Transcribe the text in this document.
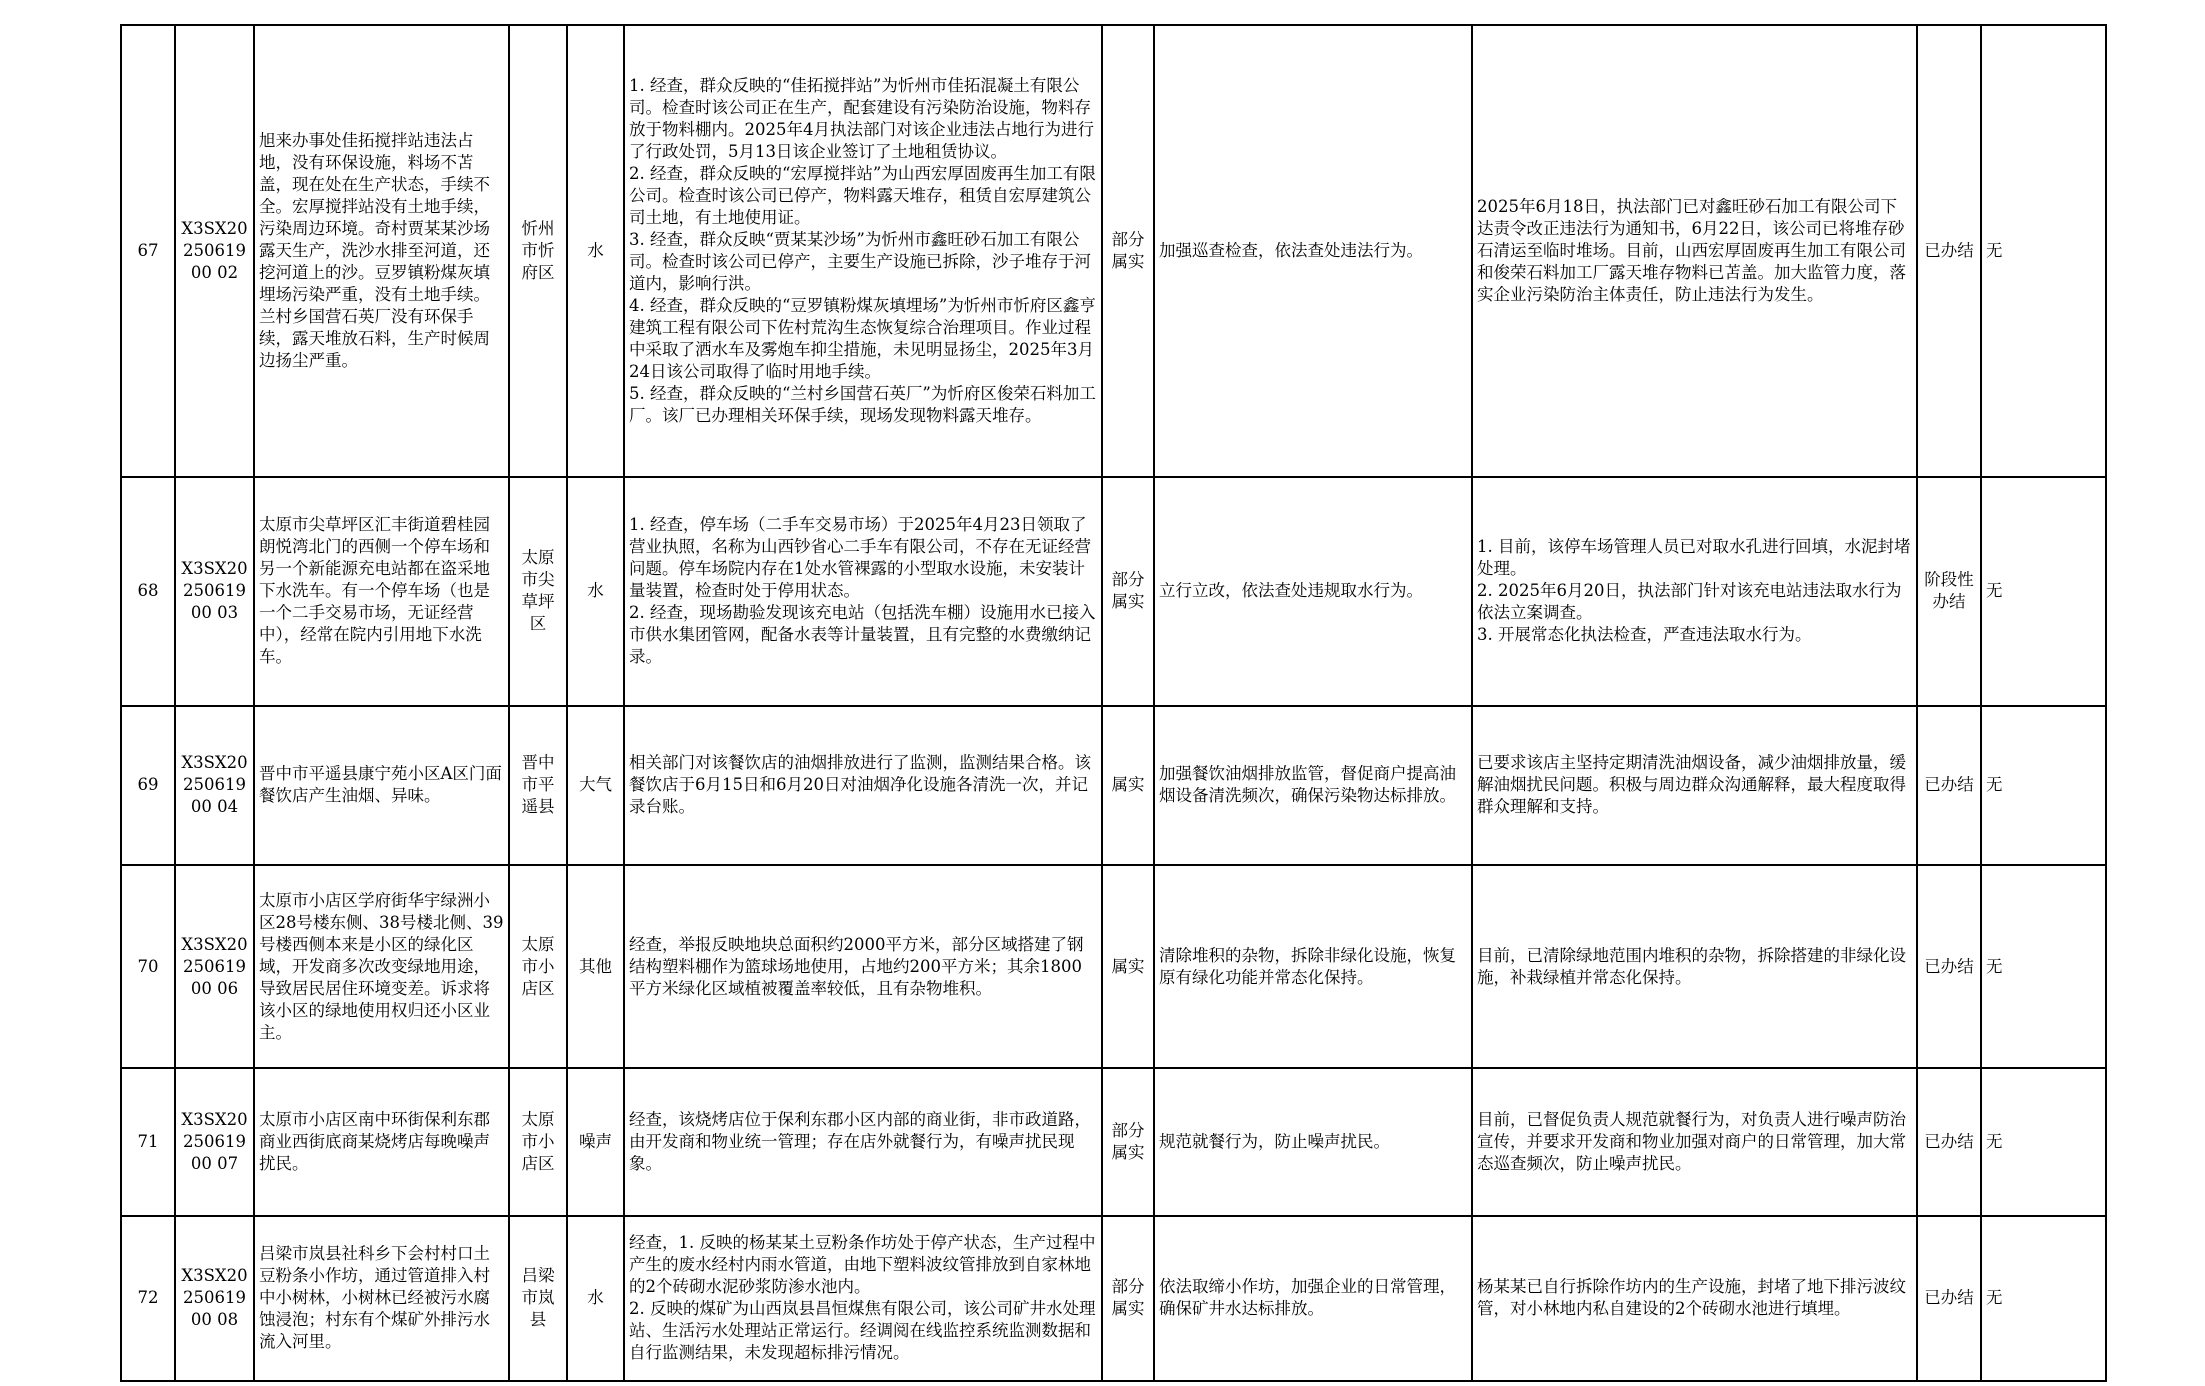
67	X3SX2025061900 02	旭来办事处佳拓搅拌站违法占地，没有环保设施，料场不苫盖，现在处在生产状态，手续不全。宏厚搅拌站没有土地手续，污染周边环境。奇村贾某某沙场露天生产，洗沙水排至河道，还挖河道上的沙。豆罗镇粉煤灰填埋场污染严重，没有土地手续。兰村乡国营石英厂没有环保手续，露天堆放石料，生产时候周边扬尘严重。	忻州市忻府区	水	1. 经查，群众反映的“佳拓搅拌站”为忻州市佳拓混凝土有限公司。检查时该公司正在生产，配套建设有污染防治设施，物料存放于物料棚内。2025年4月执法部门对该企业违法占地行为进行了行政处罚，5月13日该企业签订了土地租赁协议。
2. 经查，群众反映的“宏厚搅拌站”为山西宏厚固废再生加工有限公司。检查时该公司已停产，物料露天堆存，租赁自宏厚建筑公司土地，有土地使用证。
3. 经查，群众反映“贾某某沙场”为忻州市鑫旺砂石加工有限公司。检查时该公司已停产，主要生产设施已拆除，沙子堆存于河道内，影响行洪。
4. 经查，群众反映的“豆罗镇粉煤灰填埋场”为忻州市忻府区鑫亨建筑工程有限公司下佐村荒沟生态恢复综合治理项目。作业过程中采取了洒水车及雾炮车抑尘措施，未见明显扬尘，2025年3月24日该公司取得了临时用地手续。
5. 经查，群众反映的“兰村乡国营石英厂”为忻府区俊荣石料加工厂。该厂已办理相关环保手续，现场发现物料露天堆存。	部分属实	加强巡查检查，依法查处违法行为。	2025年6月18日，执法部门已对鑫旺砂石加工有限公司下达责令改正违法行为通知书，6月22日，该公司已将堆存砂石清运至临时堆场。目前，山西宏厚固废再生加工有限公司和俊荣石料加工厂露天堆存物料已苫盖。加大监管力度，落实企业污染防治主体责任，防止违法行为发生。	已办结	无
68	X3SX2025061900 03	太原市尖草坪区汇丰街道碧桂园朗悦湾北门的西侧一个停车场和另一个新能源充电站都在盗采地下水洗车。有一个停车场（也是一个二手交易市场，无证经营中），经常在院内引用地下水洗车。	太原市尖草坪区	水	1. 经查，停车场（二手车交易市场）于2025年4月23日领取了营业执照，名称为山西钞省心二手车有限公司，不存在无证经营问题。停车场院内存在1处水管裸露的小型取水设施，未安装计量装置，检查时处于停用状态。
2. 经查，现场勘验发现该充电站（包括洗车棚）设施用水已接入市供水集团管网，配备水表等计量装置，且有完整的水费缴纳记录。	部分属实	立行立改，依法查处违规取水行为。	1. 目前，该停车场管理人员已对取水孔进行回填，水泥封堵处理。
2. 2025年6月20日，执法部门针对该充电站违法取水行为依法立案调查。
3. 开展常态化执法检查，严查违法取水行为。	阶段性办结	无
69	X3SX2025061900 04	晋中市平遥县康宁苑小区A区门面餐饮店产生油烟、异味。	晋中市平遥县	大气	相关部门对该餐饮店的油烟排放进行了监测，监测结果合格。该餐饮店于6月15日和6月20日对油烟净化设施各清洗一次，并记录台账。	属实	加强餐饮油烟排放监管，督促商户提高油烟设备清洗频次，确保污染物达标排放。	已要求该店主坚持定期清洗油烟设备，减少油烟排放量，缓解油烟扰民问题。积极与周边群众沟通解释，最大程度取得群众理解和支持。	已办结	无
70	X3SX2025061900 06	太原市小店区学府街华宇绿洲小区28号楼东侧、38号楼北侧、39号楼西侧本来是小区的绿化区域，开发商多次改变绿地用途，导致居民居住环境变差。诉求将该小区的绿地使用权归还小区业主。	太原市小店区	其他	经查，举报反映地块总面积约2000平方米，部分区域搭建了钢结构塑料棚作为篮球场地使用，占地约200平方米；其余1800平方米绿化区域植被覆盖率较低，且有杂物堆积。	属实	清除堆积的杂物，拆除非绿化设施，恢复原有绿化功能并常态化保持。	目前，已清除绿地范围内堆积的杂物，拆除搭建的非绿化设施，补栽绿植并常态化保持。	已办结	无
71	X3SX2025061900 07	太原市小店区南中环街保利东郡商业西街底商某烧烤店每晚噪声扰民。	太原市小店区	噪声	经查，该烧烤店位于保利东郡小区内部的商业街，非市政道路，由开发商和物业统一管理；存在店外就餐行为，有噪声扰民现象。	部分属实	规范就餐行为，防止噪声扰民。	目前，已督促负责人规范就餐行为，对负责人进行噪声防治宣传，并要求开发商和物业加强对商户的日常管理，加大常态巡查频次，防止噪声扰民。	已办结	无
72	X3SX2025061900 08	吕梁市岚县社科乡下会村村口土豆粉条小作坊，通过管道排入村中小树林，小树林已经被污水腐蚀浸泡；村东有个煤矿外排污水流入河里。	吕梁市岚县	水	经查，1. 反映的杨某某土豆粉条作坊处于停产状态，生产过程中产生的废水经村内雨水管道，由地下塑料波纹管排放到自家林地的2个砖砌水泥砂浆防渗水池内。
2. 反映的煤矿为山西岚县昌恒煤焦有限公司，该公司矿井水处理站、生活污水处理站正常运行。经调阅在线监控系统监测数据和自行监测结果，未发现超标排污情况。	部分属实	依法取缔小作坊，加强企业的日常管理，确保矿井水达标排放。	杨某某已自行拆除作坊内的生产设施，封堵了地下排污波纹管，对小林地内私自建设的2个砖砌水池进行填埋。	已办结	无
